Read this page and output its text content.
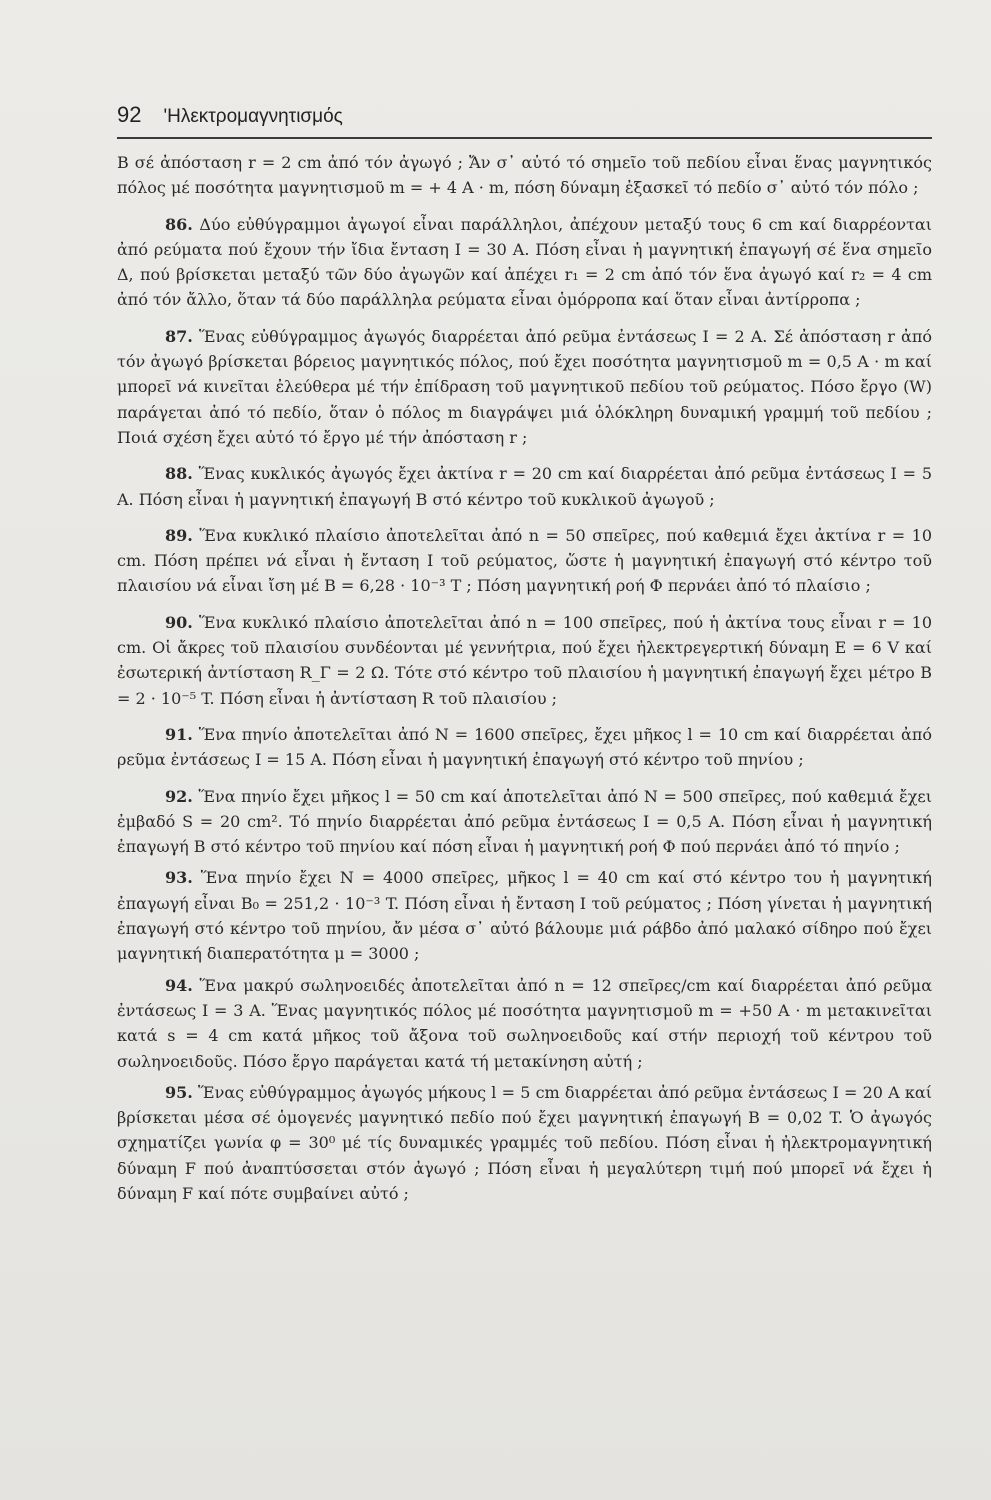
92 'Ηλεκτρομαγνητισμός

Β σέ ἀπόσταση r = 2 cm ἀπό τόν ἀγωγό ; Ἄν σ᾿ αὐτό τό σημεῖο τοῦ πεδίου εἶναι ἕνας μαγνητικός πόλος μέ ποσότητα μαγνητισμοῦ m = + 4 A · m, πόση δύναμη ἐξασκεῖ τό πεδίο σ᾿ αὐτό τόν πόλο ;

86. Δύο εὐθύγραμμοι ἀγωγοί εἶναι παράλληλοι, ἀπέχουν μεταξύ τους 6 cm καί διαρρέονται ἀπό ρεύματα πού ἔχουν τήν ἴδια ἔνταση I = 30 A. Πόση εἶναι ἡ μαγνητική ἐπαγωγή σέ ἕνα σημεῖο Δ, πού βρίσκεται μεταξύ τῶν δύο ἀγωγῶν καί ἀπέχει r₁ = 2 cm ἀπό τόν ἕνα ἀγωγό καί r₂ = 4 cm ἀπό τόν ἄλλο, ὅταν τά δύο παράλληλα ρεύματα εἶναι ὁμόρροπα καί ὅταν εἶναι ἀντίρροπα ;

87. Ἕνας εὐθύγραμμος ἀγωγός διαρρέεται ἀπό ρεῦμα ἐντάσεως I = 2 A. Σέ ἀπόσταση r ἀπό τόν ἀγωγό βρίσκεται βόρειος μαγνητικός πόλος, πού ἔχει ποσότητα μαγνητισμοῦ m = 0,5 A · m καί μπορεῖ νά κινεῖται ἐλεύθερα μέ τήν ἐπίδραση τοῦ μαγνητικοῦ πεδίου τοῦ ρεύματος. Πόσο ἔργο (W) παράγεται ἀπό τό πεδίο, ὅταν ὁ πόλος m διαγράψει μιά ὁλόκληρη δυναμική γραμμή τοῦ πεδίου ; Ποιά σχέση ἔχει αὐτό τό ἔργο μέ τήν ἀπόσταση r ;

88. Ἕνας κυκλικός ἀγωγός ἔχει ἀκτίνα r = 20 cm καί διαρρέεται ἀπό ρεῦμα ἐντάσεως I = 5 A. Πόση εἶναι ἡ μαγνητική ἐπαγωγή Β στό κέντρο τοῦ κυκλικοῦ ἀγωγοῦ ;

89. Ἕνα κυκλικό πλαίσιο ἀποτελεῖται ἀπό n = 50 σπεῖρες, πού καθεμιά ἔχει ἀκτίνα r = 10 cm. Πόση πρέπει νά εἶναι ἡ ἔνταση I τοῦ ρεύματος, ὥστε ἡ μαγνητική ἐπαγωγή στό κέντρο τοῦ πλαισίου νά εἶναι ἴση μέ B = 6,28 · 10⁻³ T ; Πόση μαγνητική ροή Φ περνάει ἀπό τό πλαίσιο ;

90. Ἕνα κυκλικό πλαίσιο ἀποτελεῖται ἀπό n = 100 σπεῖρες, πού ἡ ἀκτίνα τους εἶναι r = 10 cm. Οἱ ἄκρες τοῦ πλαισίου συνδέονται μέ γεννήτρια, πού ἔχει ἠλεκτρεγερτική δύναμη E = 6 V καί ἐσωτερική ἀντίσταση R_Γ = 2 Ω. Τότε στό κέντρο τοῦ πλαισίου ἡ μαγνητική ἐπαγωγή ἔχει μέτρο B = 2 · 10⁻⁵ T. Πόση εἶναι ἡ ἀντίσταση R τοῦ πλαισίου ;

91. Ἕνα πηνίο ἀποτελεῖται ἀπό N = 1600 σπεῖρες, ἔχει μῆκος l = 10 cm καί διαρρέεται ἀπό ρεῦμα ἐντάσεως I = 15 A. Πόση εἶναι ἡ μαγνητική ἐπαγωγή στό κέντρο τοῦ πηνίου ;

92. Ἕνα πηνίο ἔχει μῆκος l = 50 cm καί ἀποτελεῖται ἀπό N = 500 σπεῖρες, πού καθεμιά ἔχει ἐμβαδό S = 20 cm². Τό πηνίο διαρρέεται ἀπό ρεῦμα ἐντάσεως I = 0,5 A. Πόση εἶναι ἡ μαγνητική ἐπαγωγή Β στό κέντρο τοῦ πηνίου καί πόση εἶναι ἡ μαγνητική ροή Φ πού περνάει ἀπό τό πηνίο ;

93. Ἕνα πηνίο ἔχει N = 4000 σπεῖρες, μῆκος l = 40 cm καί στό κέντρο του ἡ μαγνητική ἐπαγωγή εἶναι B₀ = 251,2 · 10⁻³ T. Πόση εἶναι ἡ ἔνταση I τοῦ ρεύματος ; Πόση γίνεται ἡ μαγνητική ἐπαγωγή στό κέντρο τοῦ πηνίου, ἄν μέσα σ᾿ αὐτό βάλουμε μιά ράβδο ἀπό μαλακό σίδηρο πού ἔχει μαγνητική διαπερατότητα μ = 3000 ;

94. Ἕνα μακρύ σωληνοειδές ἀποτελεῖται ἀπό n = 12 σπεῖρες/cm καί διαρρέεται ἀπό ρεῦμα ἐντάσεως I = 3 A. Ἕνας μαγνητικός πόλος μέ ποσότητα μαγνητισμοῦ m = +50 A · m μετακινεῖται κατά s = 4 cm κατά μῆκος τοῦ ἄξονα τοῦ σωληνοειδοῦς καί στήν περιοχή τοῦ κέντρου τοῦ σωληνοειδοῦς. Πόσο ἔργο παράγεται κατά τή μετακίνηση αὐτή ;

95. Ἕνας εὐθύγραμμος ἀγωγός μήκους l = 5 cm διαρρέεται ἀπό ρεῦμα ἐντάσεως I = 20 A καί βρίσκεται μέσα σέ ὁμογενές μαγνητικό πεδίο πού ἔχει μαγνητική ἐπαγωγή B = 0,02 T. Ὁ ἀγωγός σχηματίζει γωνία φ = 30⁰ μέ τίς δυναμικές γραμμές τοῦ πεδίου. Πόση εἶναι ἡ ἠλεκτρομαγνητική δύναμη F πού ἀναπτύσσεται στόν ἀγωγό ; Πόση εἶναι ἡ μεγαλύτερη τιμή πού μπορεῖ νά ἔχει ἡ δύναμη F καί πότε συμβαίνει αὐτό ;
